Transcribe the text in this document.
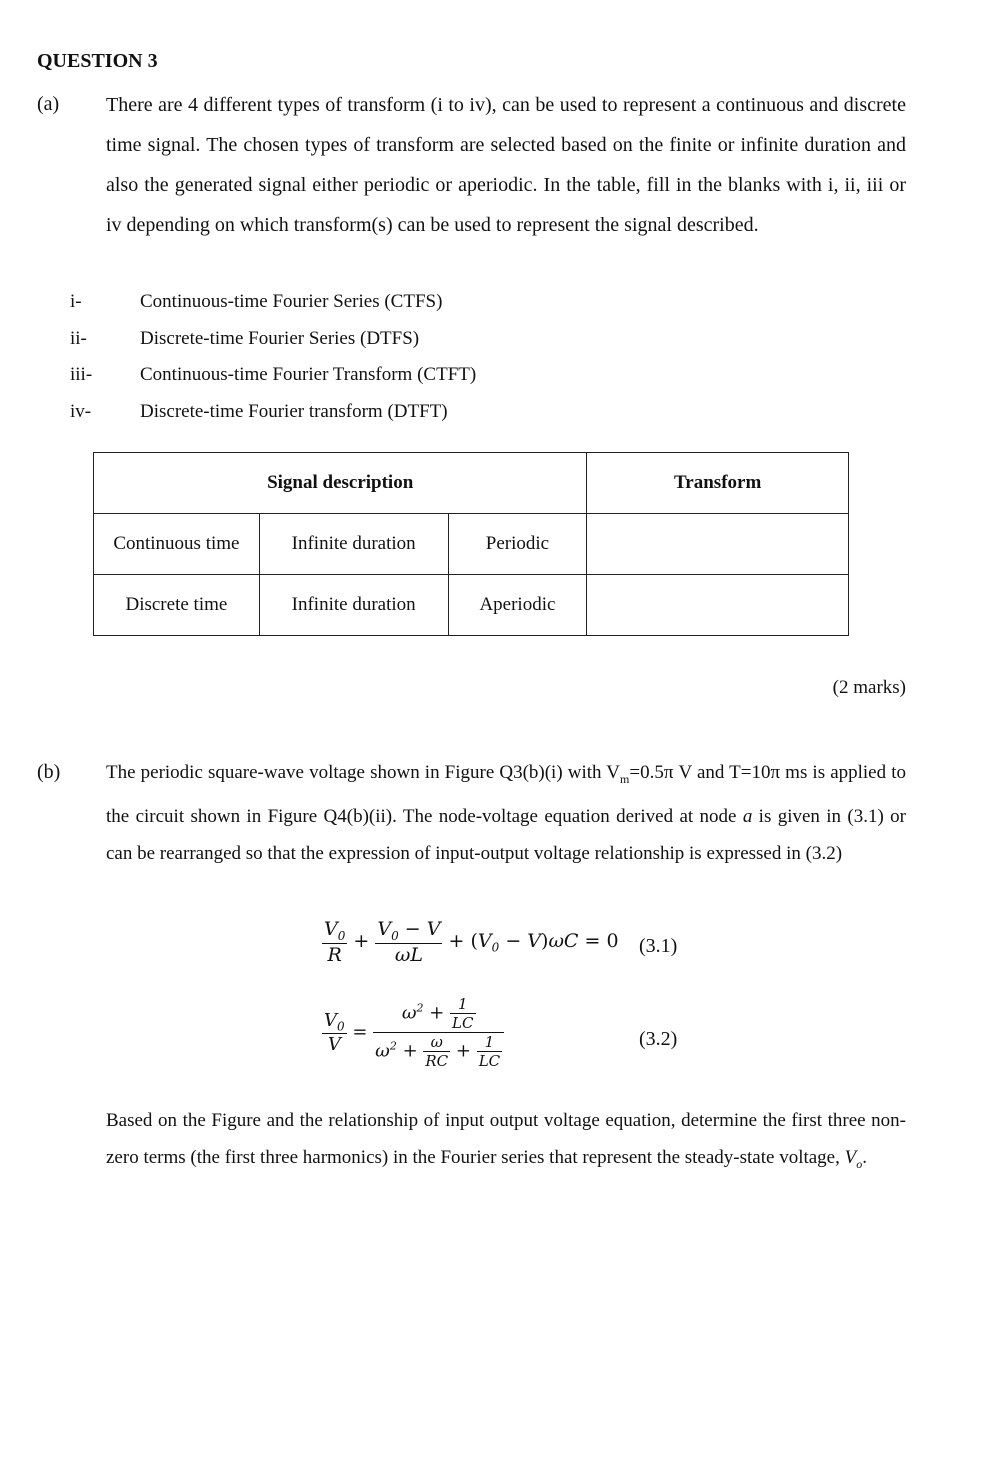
QUESTION 3
(a) There are 4 different types of transform (i to iv), can be used to represent a continuous and discrete time signal. The chosen types of transform are selected based on the finite or infinite duration and also the generated signal either periodic or aperiodic. In the table, fill in the blanks with i, ii, iii or iv depending on which transform(s) can be used to represent the signal described.
i-	Continuous-time Fourier Series (CTFS)
ii-	Discrete-time Fourier Series (DTFS)
iii-	Continuous-time Fourier Transform (CTFT)
iv-	Discrete-time Fourier transform (DTFT)
Signal description			Transform
Continuous time	Infinite duration	Periodic	
Discrete time	Infinite duration	Aperiodic	
(2 marks)
(b) The periodic square-wave voltage shown in Figure Q3(b)(i) with $V_m=0.5\pi$ V and T=10π ms is applied to the circuit shown in Figure Q4(b)(ii). The node-voltage equation derived at node a is given in (3.1) or can be rearranged so that the expression of input-output voltage relationship is expressed in (3.2)
$\frac{V_0}{R} + \frac{V_0 - V}{\omega L} + (V_0 - V)\omega C = 0$ (3.1)
$\frac{V_0}{V} = \frac{\omega^2 + \frac{1}{LC}}{\omega^2 + \frac{\omega}{RC} + \frac{1}{LC}}$	(3.2)
Based on the Figure and the relationship of input output voltage equation, determine the first three non-zero terms (the first three harmonics) in the Fourier series that represent the steady-state voltage, $V_o$.
